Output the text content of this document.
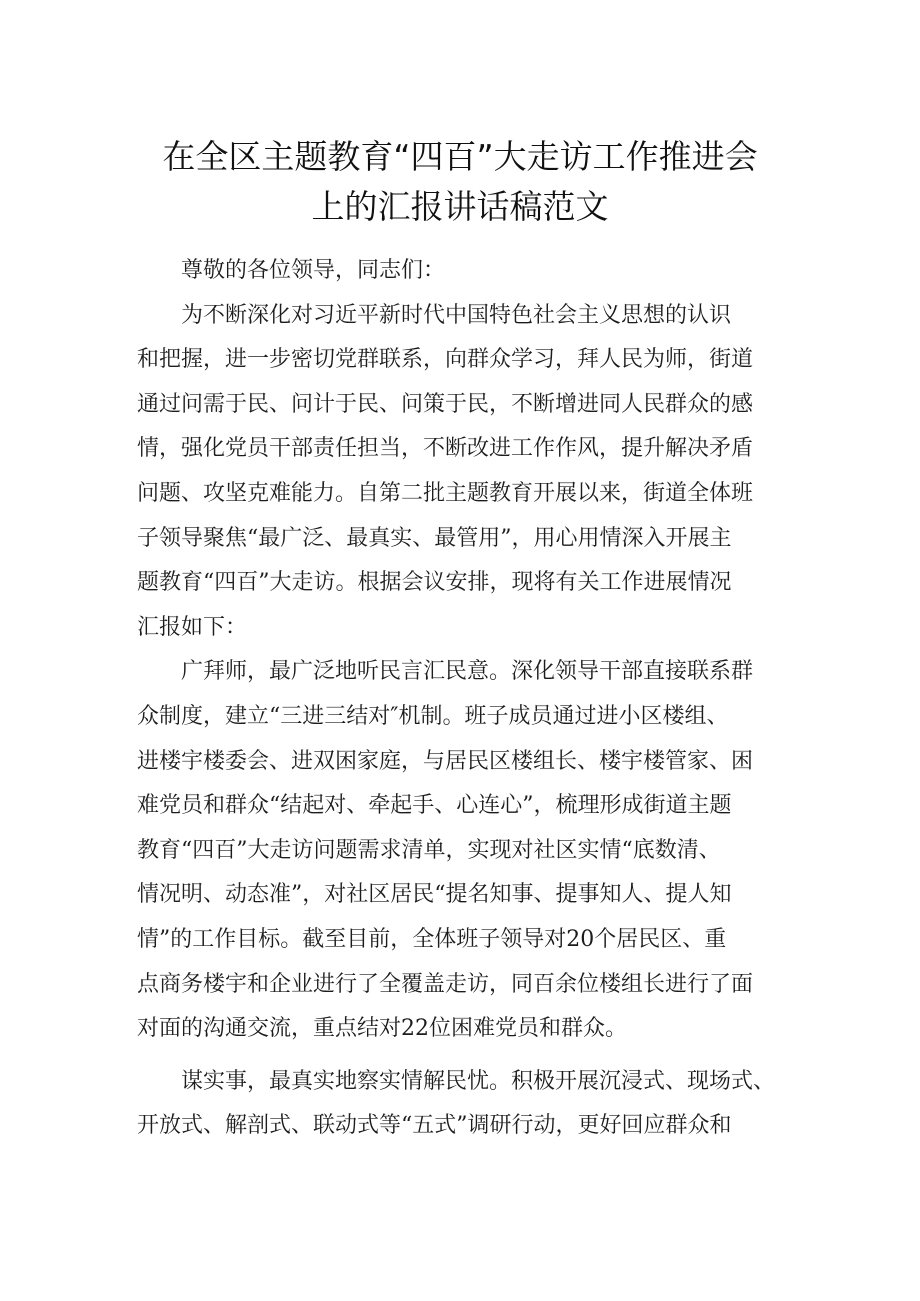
在全区主题教育“四百”大走访工作推进会
上的汇报讲话稿范文
尊敬的各位领导，同志们：
为不断深化对习近平新时代中国特色社会主义思想的认识
和把握，进一步密切党群联系，向群众学习，拜人民为师，街道
通过问需于民、问计于民、问策于民，不断增进同人民群众的感
情，强化党员干部责任担当，不断改进工作作风，提升解决矛盾
问题、攻坚克难能力。自第二批主题教育开展以来，街道全体班
子领导聚焦“最广泛、最真实、最管用”，用心用情深入开展主
题教育“四百”大走访。根据会议安排，现将有关工作进展情况
汇报如下：
广拜师，最广泛地听民言汇民意。深化领导干部直接联系群
众制度，建立“三进三结对″机制。班子成员通过进小区楼组、
进楼宇楼委会、进双困家庭，与居民区楼组长、楼宇楼管家、困
难党员和群众“结起对、牵起手、心连心”，梳理形成街道主题
教育“四百”大走访问题需求清单，实现对社区实情“底数清、
情况明、动态准”，对社区居民“提名知事、提事知人、提人知
情”的工作目标。截至目前，全体班子领导对20个居民区、重
点商务楼宇和企业进行了全覆盖走访，同百余位楼组长进行了面
对面的沟通交流，重点结对22位困难党员和群众。
谋实事，最真实地察实情解民忧。积极开展沉浸式、现场式、
开放式、解剖式、联动式等“五式”调研行动，更好回应群众和
